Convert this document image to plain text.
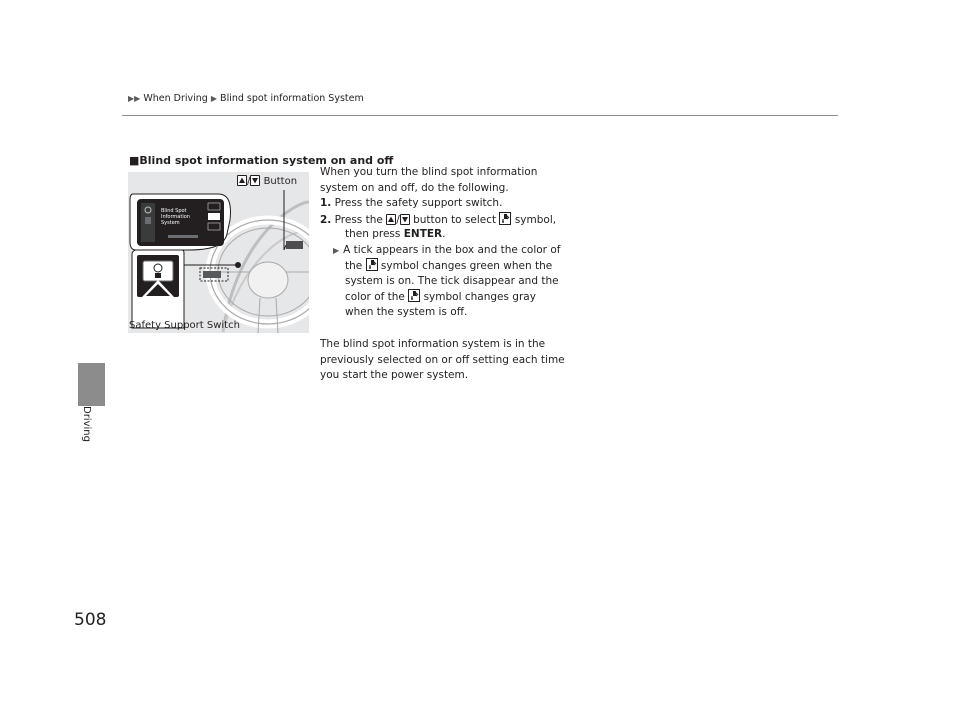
▶▶ When Driving ▶ Blind spot information System
Driving
508
■Blind spot information system on and off
Blind Spot
Information
System
/ Button
Safety Support Switch
When you turn the blind spot information
system on and off, do the following.
1. Press the safety support switch.
2. Press the / button to select symbol,
then press ENTER.
▶ A tick appears in the box and the color of
the symbol changes green when the
system is on. The tick disappear and the
color of the symbol changes gray
when the system is off.
The blind spot information system is in the
previously selected on or off setting each time
you start the power system.
